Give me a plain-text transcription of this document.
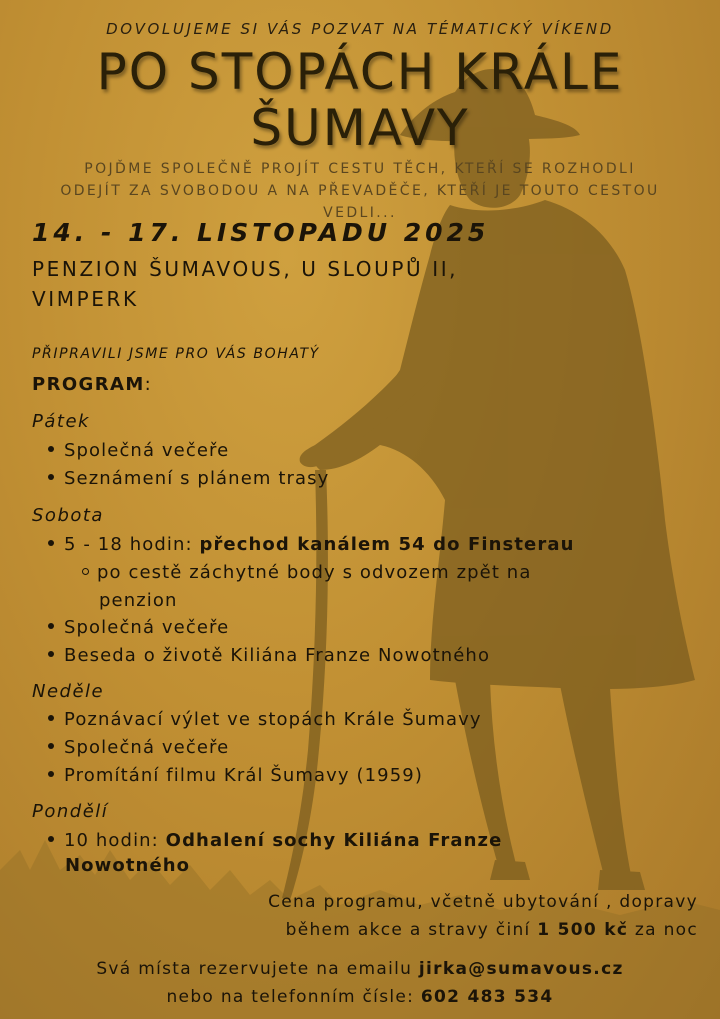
DOVOLUJEME SI VÁS POZVAT NA TÉMATICKÝ VÍKEND

PO STOPÁCH KRÁLE
ŠUMAVY

POJĎME SPOLEČNĚ PROJÍT CESTU TĚCH, KTEŘÍ SE ROZHODLI
ODEJÍT ZA SVOBODOU A NA PŘEVADĚČE, KTEŘÍ JE TOUTO CESTOU
VEDLI...

14. - 17. LISTOPADU 2025

PENZION ŠUMAVOUS, U SLOUPŮ II,
VIMPERK

PŘIPRAVILI JSME PRO VÁS BOHATÝ

PROGRAM:

Pátek

Společná večeře

Seznámení s plánem trasy

Sobota

5 - 18 hodin: přechod kanálem 54 do Finsterau

po cestě záchytné body s odvozem zpět na
penzion

Společná večeře

Beseda o životě Kiliána Franze Nowotného

Neděle

Poznávací výlet ve stopách Krále Šumavy

Společná večeře

Promítání filmu Král Šumavy (1959)

Pondělí

10 hodin: Odhalení sochy Kiliána Franze

Nowotného

Cena programu, včetně ubytování , dopravy
během akce a stravy činí 1 500 kč za noc

Svá místa rezervujete na emailu jirka@sumavous.cz
nebo na telefonním čísle: 602 483 534
